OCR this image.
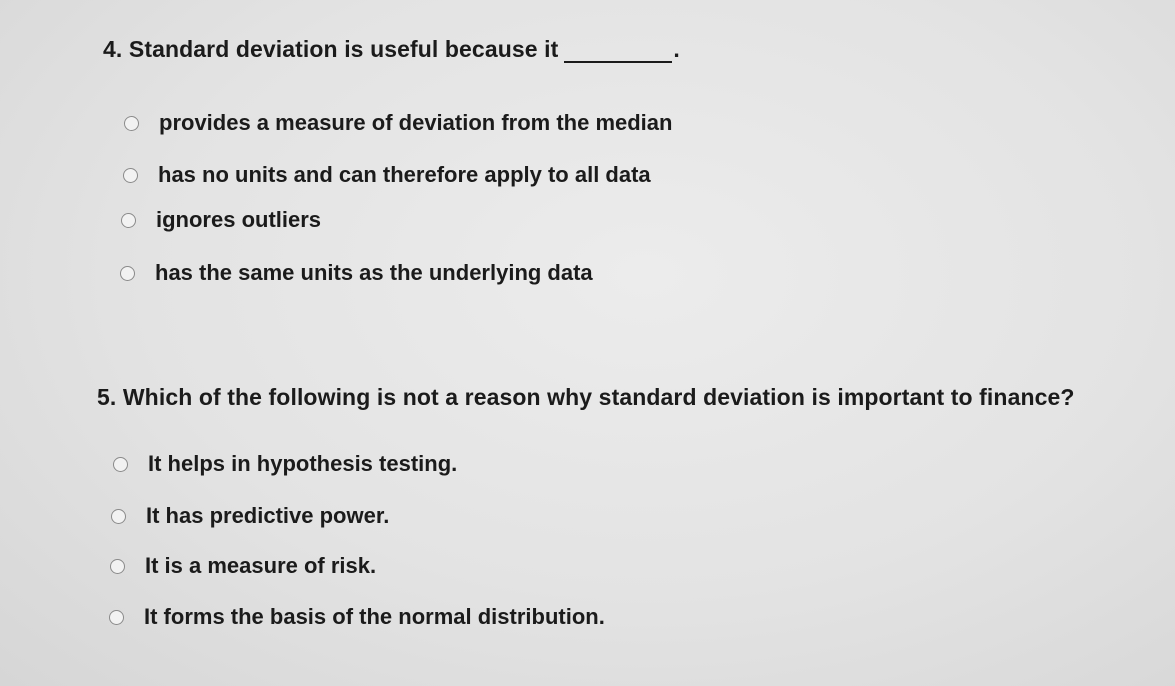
4. Standard deviation is useful because it	.
provides a measure of deviation from the median
has no units and can therefore apply to all data
ignores outliers
has the same units as the underlying data
5. Which of the following is not a reason why standard deviation is important to finance?
It helps in hypothesis testing.
It has predictive power.
It is a measure of risk.
It forms the basis of the normal distribution.
